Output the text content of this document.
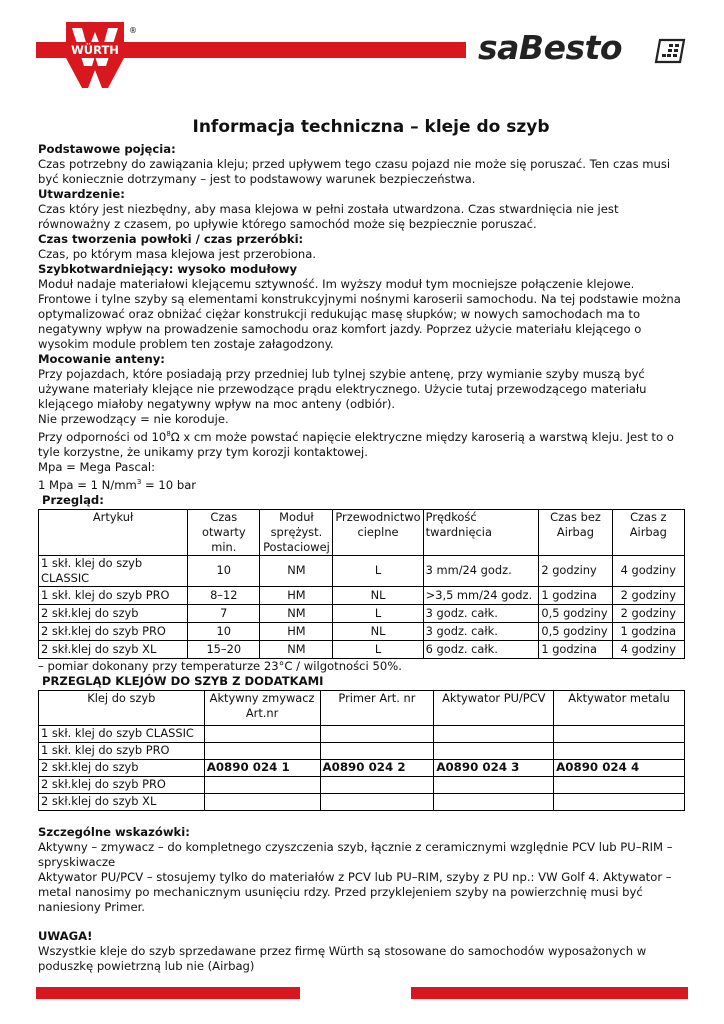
WÜRTH
®	saBesto
Informacja techniczna – kleje do szyb

Podstawowe pojęcia:

Czas potrzebny do zawiązania kleju; przed upływem tego czasu pojazd nie może się poruszać. Ten czas musi być koniecznie dotrzymany – jest to podstawowy warunek bezpieczeństwa.

Utwardzenie:

Czas który jest niezbędny, aby masa klejowa w pełni została utwardzona. Czas stwardnięcia nie jest równoważny z czasem, po upływie którego samochód może się bezpiecznie poruszać.

Czas tworzenia powłoki / czas przeróbki:

Czas, po którym masa klejowa jest przerobiona.

Szybkotwardniejący: wysoko modułowy

Moduł nadaje materiałowi klejącemu sztywność. Im wyższy moduł tym mocniejsze połączenie klejowe. Frontowe i tylne szyby są elementami konstrukcyjnymi nośnymi karoserii samochodu. Na tej podstawie można optymalizować oraz obniżać ciężar konstrukcji redukując masę słupków; w nowych samochodach ma to negatywny wpływ na prowadzenie samochodu oraz komfort jazdy. Poprzez użycie materiału klejącego o wysokim module problem ten zostaje załagodzony.

Mocowanie anteny:

Przy pojazdach, które posiadają przy przedniej lub tylnej szybie antenę, przy wymianie szyby muszą być używane materiały klejące nie przewodzące prądu elektrycznego. Użycie tutaj przewodzącego materiału klejącego miałoby negatywny wpływ na moc anteny (odbiór).

Nie przewodzący = nie koroduje.

Przy odporności od $10^8\Omega$ x cm może powstać napięcie elektryczne między karoserią a warstwą kleju. Jest to o tyle korzystne, że unikamy przy tym korozji kontaktowej.

Mpa = Mega Pascal:

1 Mpa = 1 $N/mm^3 = 10$ bar

Przegląd:

Artykuł	Czas otwarty min.	Moduł sprężyst. Postaciowej	Przewodnictwo cieplne	Prędkość twardnięcia	Czas bez Airbag	Czas z Airbag
1 skł. klej do szyb CLASSIC	10	NM	L	3 mm/24 godz.	2 godziny	4 godziny
1 skł. klej do szyb PRO	8–12	HM	NL	>3,5 mm/24 godz.	1 godzina	2 godziny
2 skł.klej do szyb	7	NM	L	3 godz. całk.	0,5 godziny	2 godziny
2 skł.klej do szyb PRO	10	HM	NL	3 godz. całk.	0,5 godziny	1 godzina
2 skł.klej do szyb XL	15–20	NM	L	6 godz. całk.	1 godzina	4 godziny

– pomiar dokonany przy temperaturze 23°C / wilgotności 50%.

PRZEGLĄD KLEJÓW DO SZYB Z DODATKAMI

Klej do szyb	Aktywny zmywacz Art.nr	Primer Art. nr	Aktywator PU/PCV	Aktywator metalu
1 skł. klej do szyb CLASSIC				
1 skł. klej do szyb PRO				
2 skł.klej do szyb	A0890 024 1	A0890 024 2	A0890 024 3	A0890 024 4
2 skł.klej do szyb PRO				
2 skł.klej do szyb XL				

Szczególne wskazówki:

Aktywny – zmywacz – do kompletnego czyszczenia szyb, łącznie z ceramicznymi względnie PCV lub PU–RIM – spryskiwacze

Aktywator PU/PCV – stosujemy tylko do materiałów z PCV lub PU–RIM, szyby z PU np.: VW Golf 4. Aktywator – metal nanosimy po mechanicznym usunięciu rdzy. Przed przyklejeniem szyby na powierzchnię musi być naniesiony Primer.

UWAGA!

Wszystkie kleje do szyb sprzedawane przez firmę Würth są stosowane do samochodów wyposażonych w poduszkę powietrzną lub nie (Airbag)
